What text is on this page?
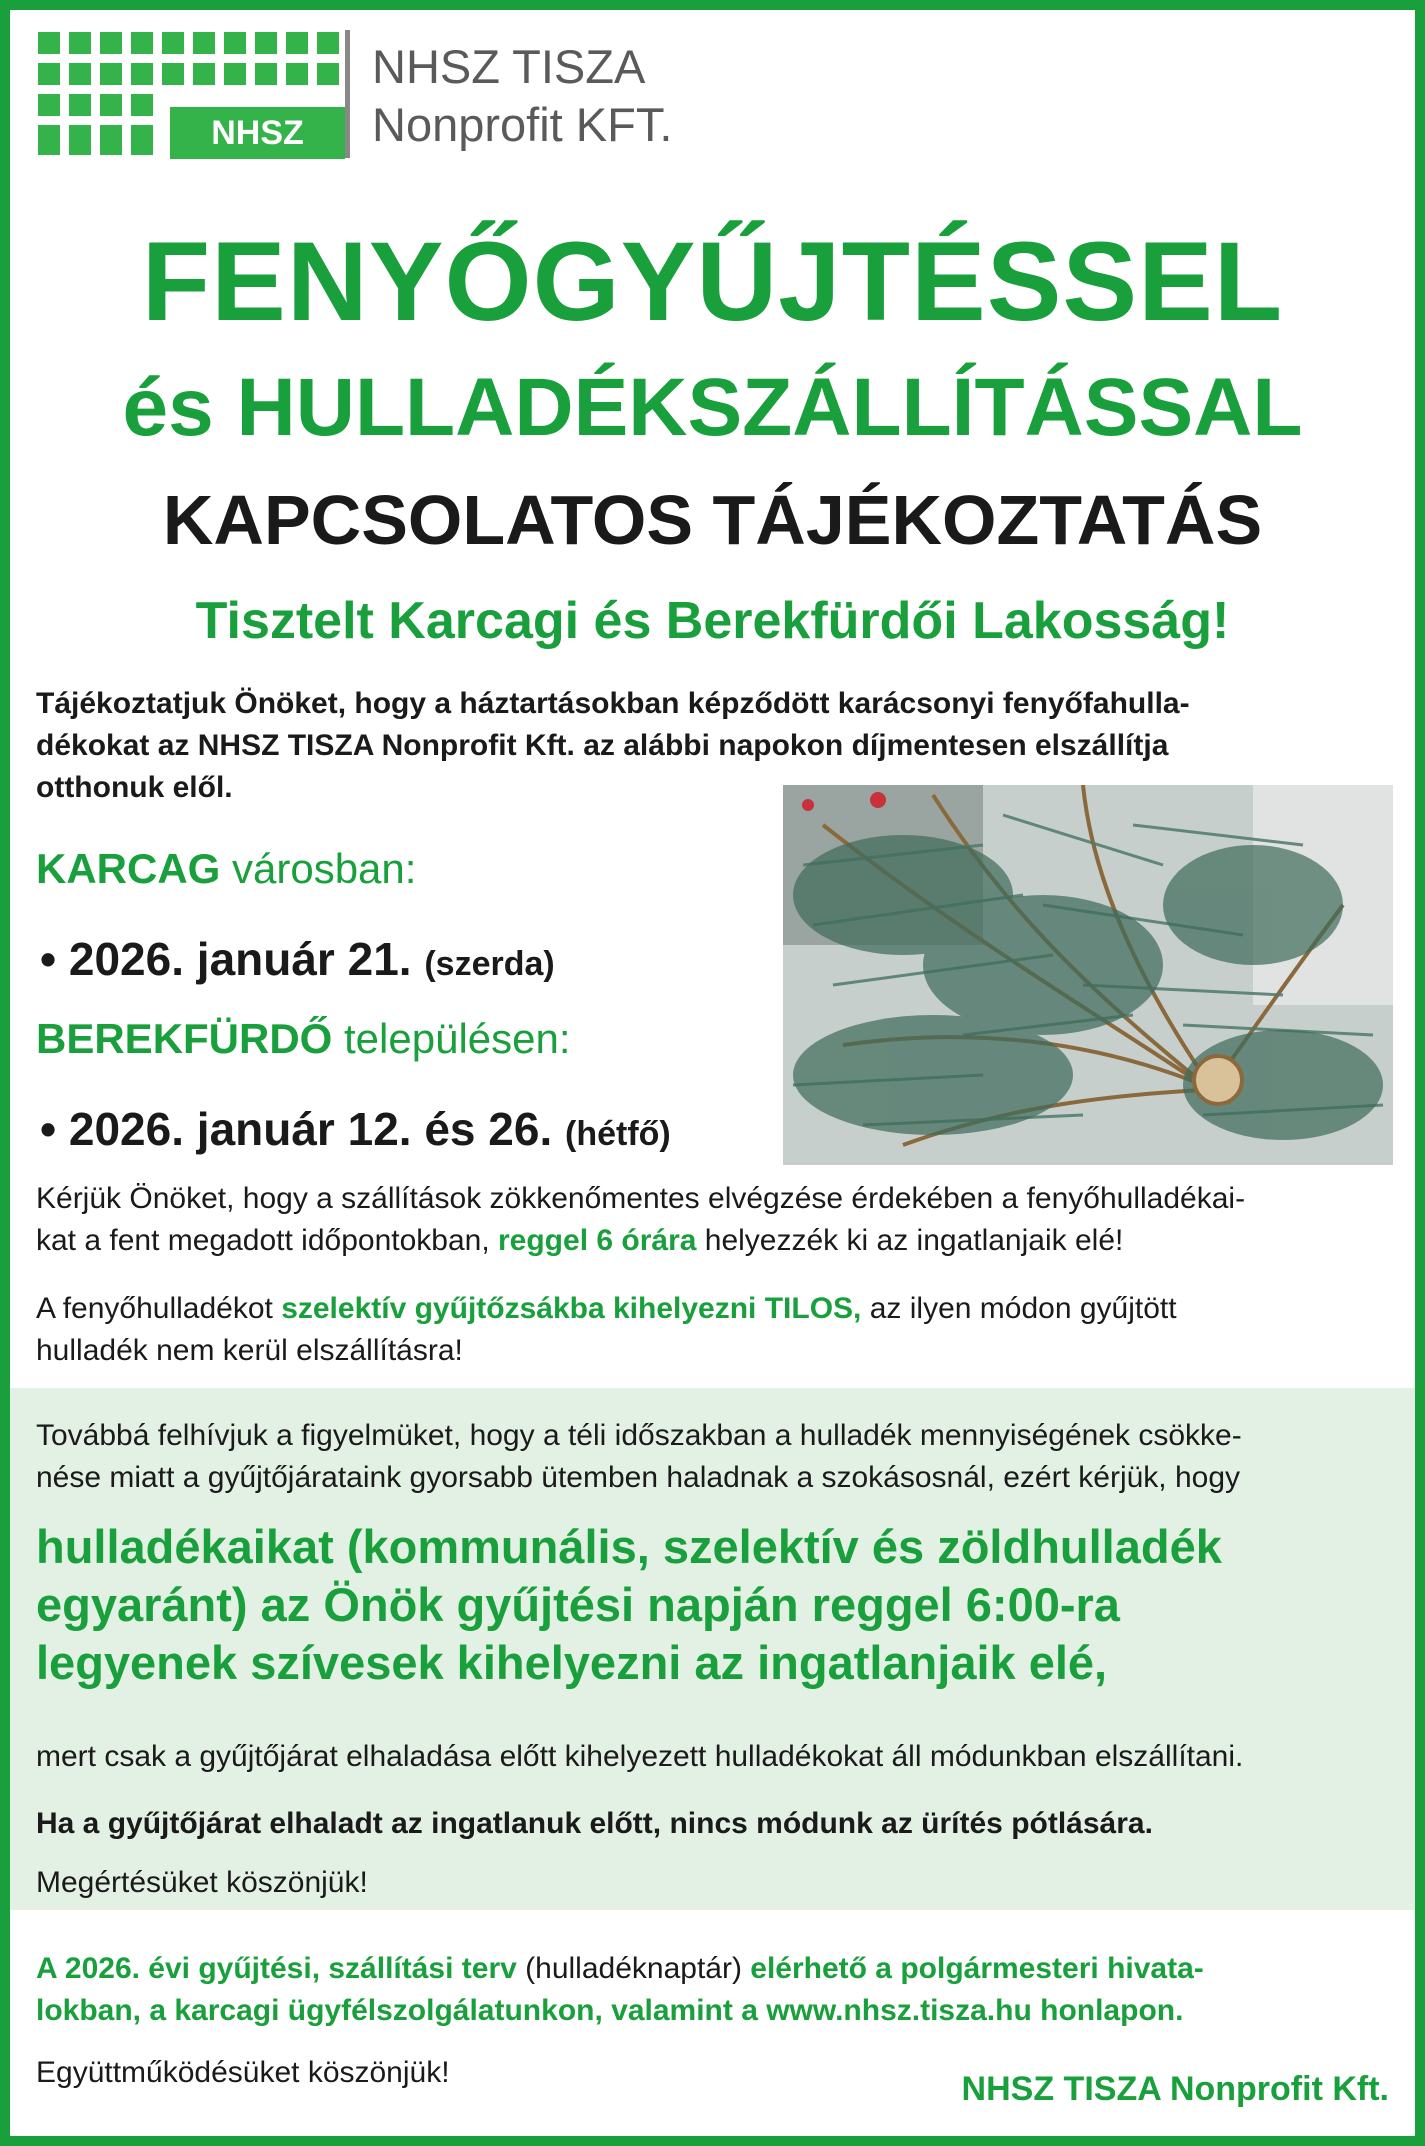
NHSZ
NHSZ TISZA
Nonprofit KFT.
FENYŐGYŰJTÉSSEL
és HULLADÉKSZÁLLÍTÁSSAL
KAPCSOLATOS TÁJÉKOZTATÁS
Tisztelt Karcagi és Berekfürdői Lakosság!
Tájékoztatjuk Önöket, hogy a háztartásokban képződött karácsonyi fenyőfahulla-
dékokat az NHSZ TISZA Nonprofit Kft. az alábbi napokon díjmentesen elszállítja
otthonuk elől.
KARCAG városban:
• 2026. január 21. (szerda)
BEREKFÜRDŐ településen:
• 2026. január 12. és 26. (hétfő)
Kérjük Önöket, hogy a szállítások zökkenőmentes elvégzése érdekében a fenyőhulladékai-
kat a fent megadott időpontokban, reggel 6 órára helyezzék ki az ingatlanjaik elé!
A fenyőhulladékot szelektív gyűjtőzsákba kihelyezni TILOS, az ilyen módon gyűjtött
hulladék nem kerül elszállításra!
Továbbá felhívjuk a figyelmüket, hogy a téli időszakban a hulladék mennyiségének csökke-
nése miatt a gyűjtőjárataink gyorsabb ütemben haladnak a szokásosnál, ezért kérjük, hogy
hulladékaikat (kommunális, szelektív és zöldhulladék
egyaránt) az Önök gyűjtési napján reggel 6:00-ra
legyenek szívesek kihelyezni az ingatlanjaik elé,
mert csak a gyűjtőjárat elhaladása előtt kihelyezett hulladékokat áll módunkban elszállítani.
Ha a gyűjtőjárat elhaladt az ingatlanuk előtt, nincs módunk az ürítés pótlására.
Megértésüket köszönjük!
A 2026. évi gyűjtési, szállítási terv (hulladéknaptár) elérhető a polgármesteri hivata-
lokban, a karcagi ügyfélszolgálatunkon, valamint a www.nhsz.tisza.hu honlapon.
Együttműködésüket köszönjük!	NHSZ TISZA Nonprofit Kft.
